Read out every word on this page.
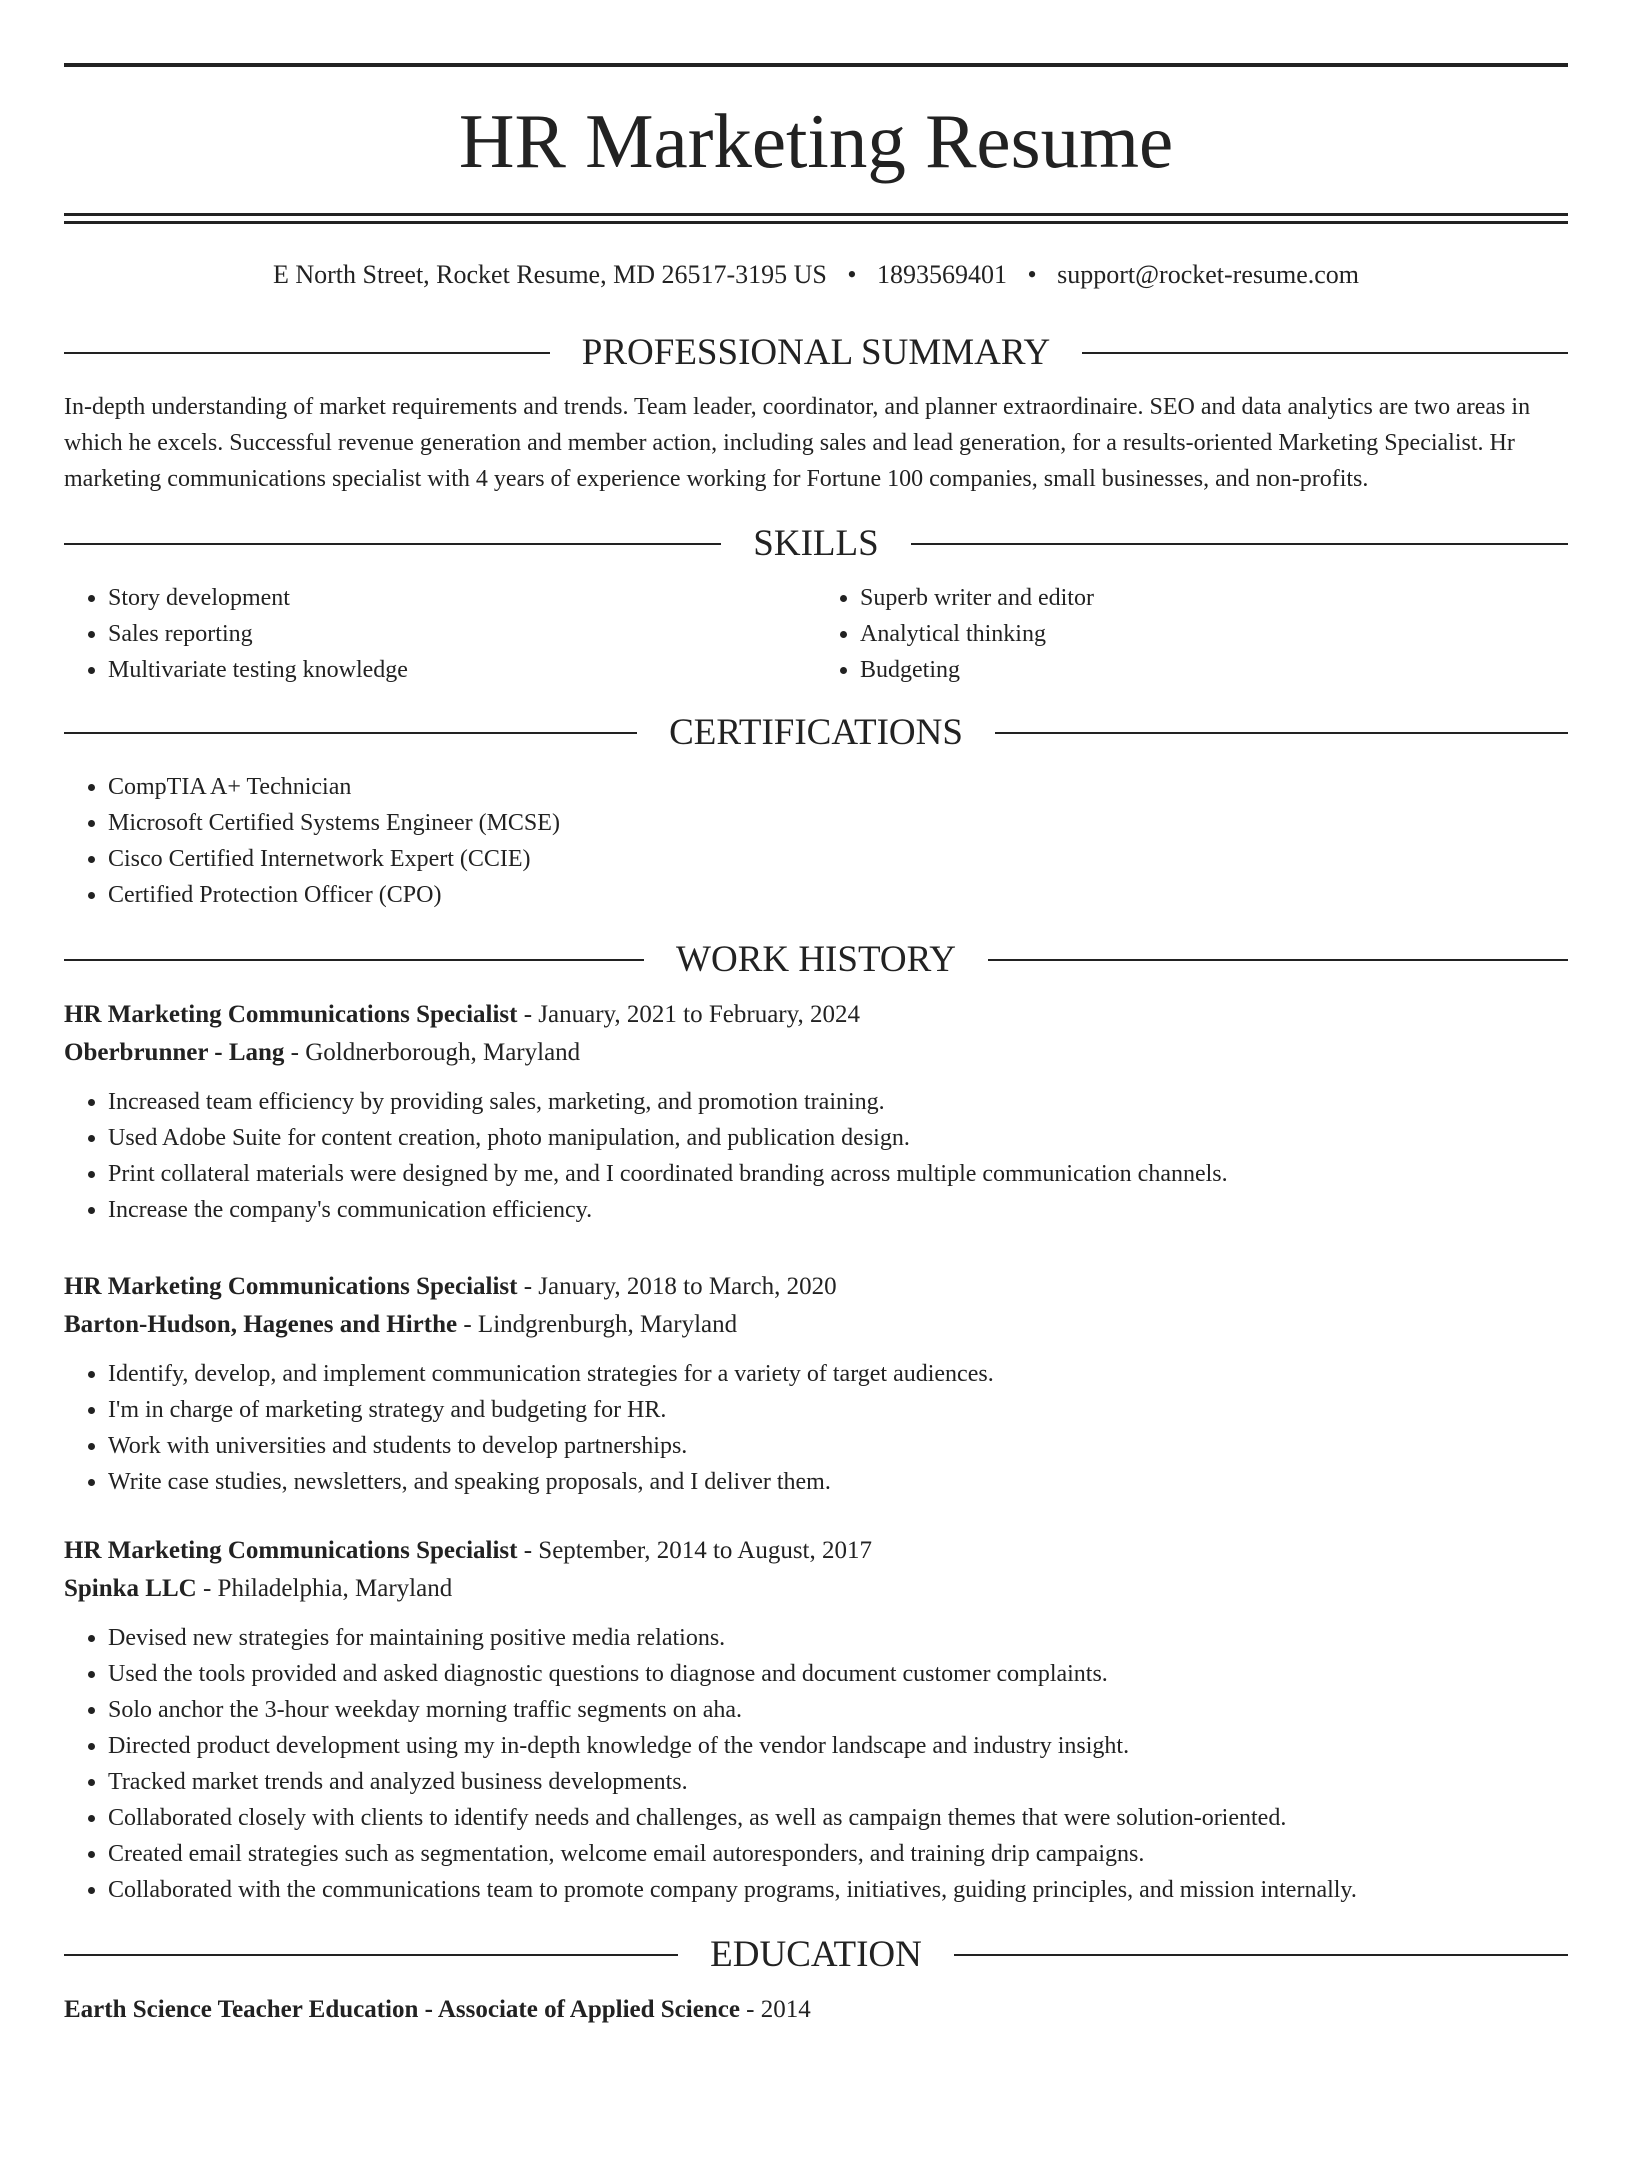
HR Marketing Resume
E North Street, Rocket Resume, MD 26517-3195 US • 1893569401 • support@rocket-resume.com
PROFESSIONAL SUMMARY

In-depth understanding of market requirements and trends. Team leader, coordinator, and planner extraordinaire. SEO and data analytics are two areas in which he excels. Successful revenue generation and member action, including sales and lead generation, for a results-oriented Marketing Specialist. Hr marketing communications specialist with 4 years of experience working for Fortune 100 companies, small businesses, and non-profits.

SKILLS
• Story development
• Sales reporting
• Multivariate testing knowledge
• Superb writer and editor
• Analytical thinking
• Budgeting
CERTIFICATIONS
• CompTIA A+ Technician
• Microsoft Certified Systems Engineer (MCSE)
• Cisco Certified Internetwork Expert (CCIE)
• Certified Protection Officer (CPO)
WORK HISTORY

HR Marketing Communications Specialist - January, 2021 to February, 2024

Oberbrunner - Lang - Goldnerborough, Maryland

• Increased team efficiency by providing sales, marketing, and promotion training.
• Used Adobe Suite for content creation, photo manipulation, and publication design.
• Print collateral materials were designed by me, and I coordinated branding across multiple communication channels.
• Increase the company's communication efficiency.

HR Marketing Communications Specialist - January, 2018 to March, 2020

Barton-Hudson, Hagenes and Hirthe - Lindgrenburgh, Maryland

• Identify, develop, and implement communication strategies for a variety of target audiences.
• I'm in charge of marketing strategy and budgeting for HR.
• Work with universities and students to develop partnerships.
• Write case studies, newsletters, and speaking proposals, and I deliver them.

HR Marketing Communications Specialist - September, 2014 to August, 2017

Spinka LLC - Philadelphia, Maryland

• Devised new strategies for maintaining positive media relations.
• Used the tools provided and asked diagnostic questions to diagnose and document customer complaints.
• Solo anchor the 3-hour weekday morning traffic segments on aha.
• Directed product development using my in-depth knowledge of the vendor landscape and industry insight.
• Tracked market trends and analyzed business developments.
• Collaborated closely with clients to identify needs and challenges, as well as campaign themes that were solution-oriented.
• Created email strategies such as segmentation, welcome email autoresponders, and training drip campaigns.
• Collaborated with the communications team to promote company programs, initiatives, guiding principles, and mission internally.
EDUCATION

Earth Science Teacher Education - Associate of Applied Science - 2014
